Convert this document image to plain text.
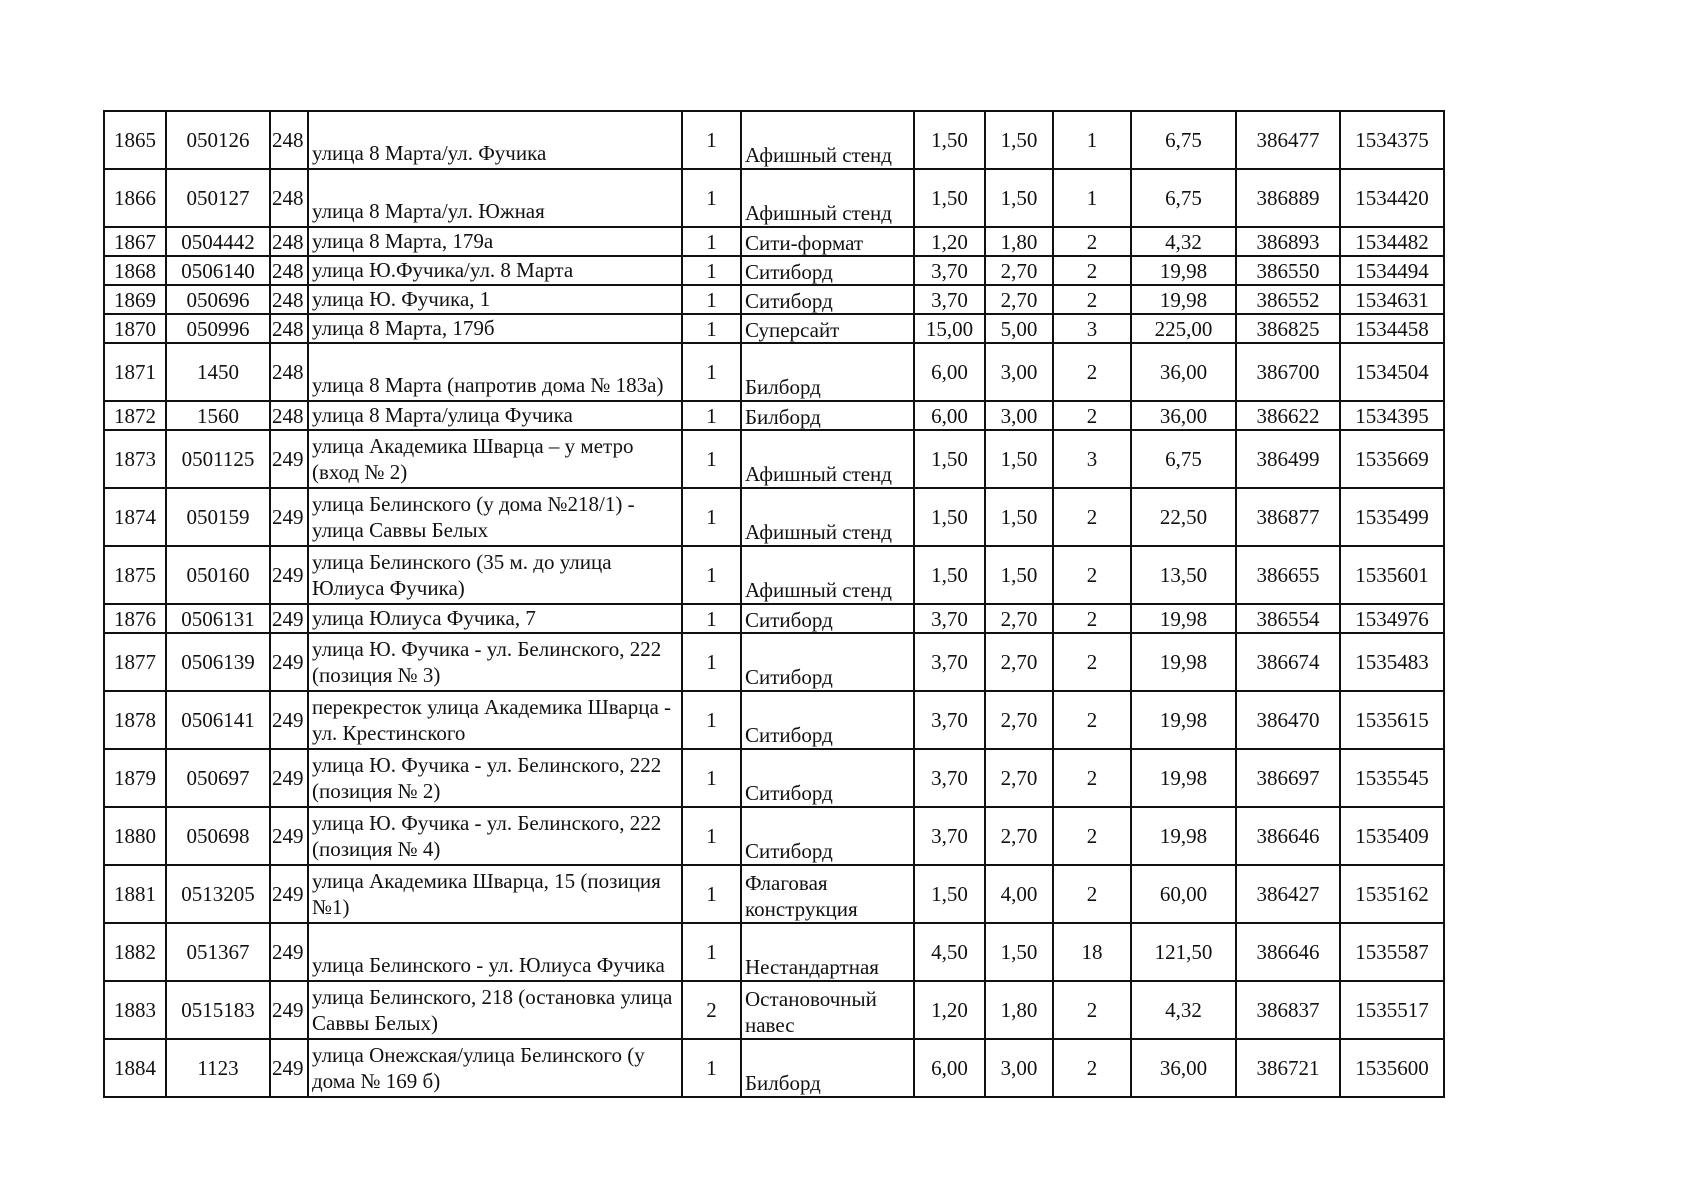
1865	050126	248	улица 8 Марта/ул. Фучика	1	Афишный стенд	1,50	1,50	1	6,75	386477	1534375
1866	050127	248	улица 8 Марта/ул. Южная	1	Афишный стенд	1,50	1,50	1	6,75	386889	1534420
1867	0504442	248	улица 8 Марта, 179а	1	Сити-формат	1,20	1,80	2	4,32	386893	1534482
1868	0506140	248	улица Ю.Фучика/ул. 8 Марта	1	Ситиборд	3,70	2,70	2	19,98	386550	1534494
1869	050696	248	улица Ю. Фучика, 1	1	Ситиборд	3,70	2,70	2	19,98	386552	1534631
1870	050996	248	улица 8 Марта, 179б	1	Суперсайт	15,00	5,00	3	225,00	386825	1534458
1871	1450	248	улица 8 Марта (напротив дома № 183а)	1	Билборд	6,00	3,00	2	36,00	386700	1534504
1872	1560	248	улица 8 Марта/улица Фучика	1	Билборд	6,00	3,00	2	36,00	386622	1534395
1873	0501125	249	улица Академика Шварца – у метро (вход № 2)	1	Афишный стенд	1,50	1,50	3	6,75	386499	1535669
1874	050159	249	улица Белинского (у дома №218/1) - улица Саввы Белых	1	Афишный стенд	1,50	1,50	2	22,50	386877	1535499
1875	050160	249	улица Белинского (35 м. до улица Юлиуса Фучика)	1	Афишный стенд	1,50	1,50	2	13,50	386655	1535601
1876	0506131	249	улица Юлиуса Фучика, 7	1	Ситиборд	3,70	2,70	2	19,98	386554	1534976
1877	0506139	249	улица Ю. Фучика - ул. Белинского, 222 (позиция № 3)	1	Ситиборд	3,70	2,70	2	19,98	386674	1535483
1878	0506141	249	перекресток улица Академика Шварца - ул. Крестинского	1	Ситиборд	3,70	2,70	2	19,98	386470	1535615
1879	050697	249	улица Ю. Фучика - ул. Белинского, 222 (позиция № 2)	1	Ситиборд	3,70	2,70	2	19,98	386697	1535545
1880	050698	249	улица Ю. Фучика - ул. Белинского, 222 (позиция № 4)	1	Ситиборд	3,70	2,70	2	19,98	386646	1535409
1881	0513205	249	улица Академика Шварца, 15 (позиция №1)	1	Флаговая конструкция	1,50	4,00	2	60,00	386427	1535162
1882	051367	249	улица Белинского - ул. Юлиуса Фучика	1	Нестандартная	4,50	1,50	18	121,50	386646	1535587
1883	0515183	249	улица Белинского, 218 (остановка улица Саввы Белых)	2	Остановочный навес	1,20	1,80	2	4,32	386837	1535517
1884	1123	249	улица Онежская/улица Белинского (у дома № 169 б)	1	Билборд	6,00	3,00	2	36,00	386721	1535600
